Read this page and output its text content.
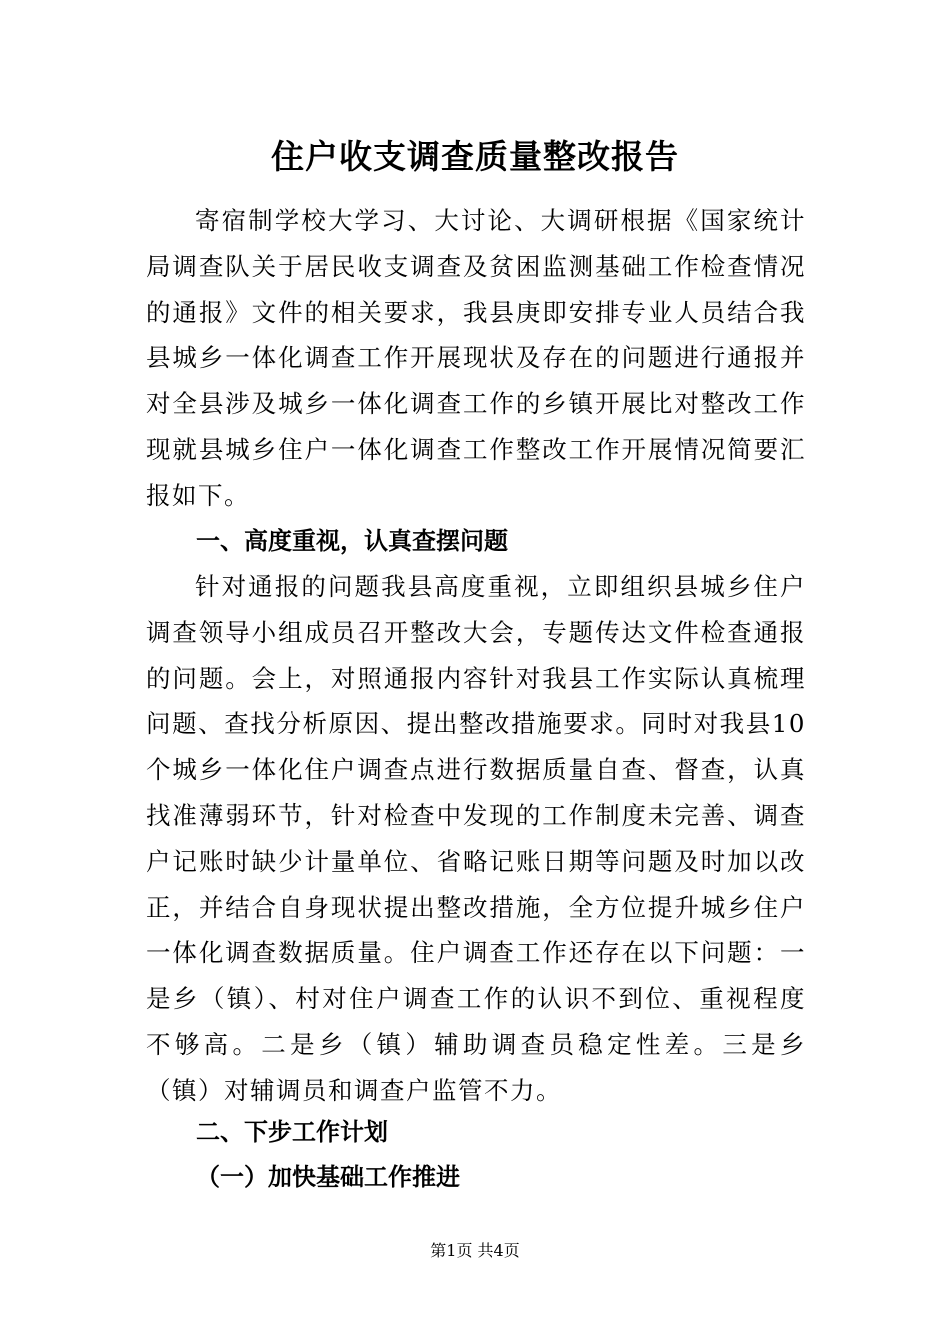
住户收支调查质量整改报告

寄宿制学校大学习、大讨论、大调研根据《国家统计局调查队关于居民收支调查及贫困监测基础工作检查情况的通报》文件的相关要求，我县庚即安排专业人员结合我县城乡一体化调查工作开展现状及存在的问题进行通报并对全县涉及城乡一体化调查工作的乡镇开展比对整改工作现就县城乡住户一体化调查工作整改工作开展情况简要汇报如下。

一、高度重视，认真查摆问题

针对通报的问题我县高度重视，立即组织县城乡住户调查领导小组成员召开整改大会，专题传达文件检查通报的问题。会上，对照通报内容针对我县工作实际认真梳理问题、查找分析原因、提出整改措施要求。同时对我县10个城乡一体化住户调查点进行数据质量自查、督查，认真找准薄弱环节，针对检查中发现的工作制度未完善、调查户记账时缺少计量单位、省略记账日期等问题及时加以改正，并结合自身现状提出整改措施，全方位提升城乡住户一体化调查数据质量。住户调查工作还存在以下问题：一是乡（镇）、村对住户调查工作的认识不到位、重视程度不够高。二是乡（镇）辅助调查员稳定性差。三是乡（镇）对辅调员和调查户监管不力。

二、下步工作计划

（一）加快基础工作推进

第1页 共4页
